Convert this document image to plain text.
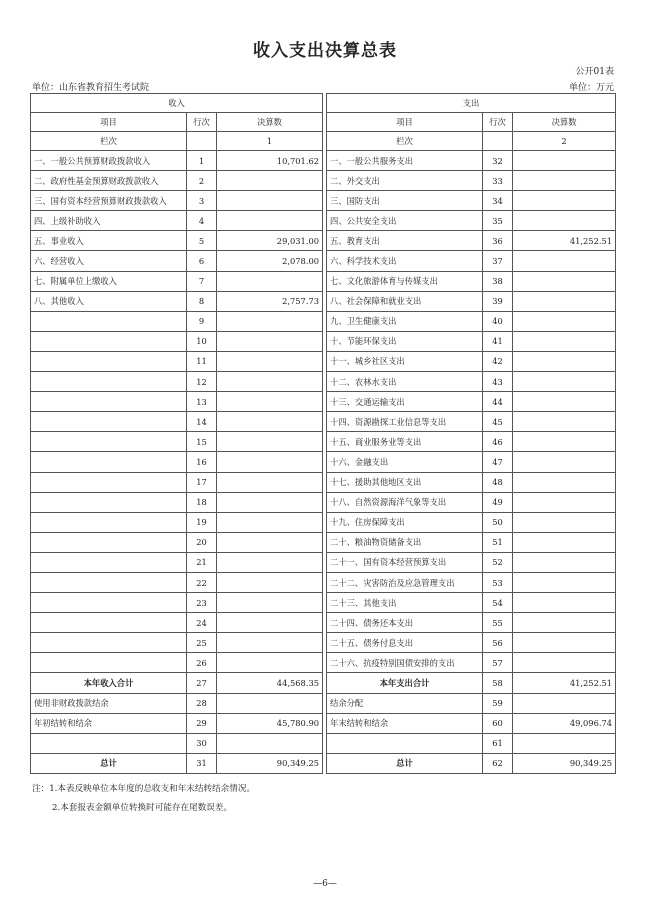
收入支出决算总表
公开01表
单位：山东省教育招生考试院	单位：万元
收入				支出		
项目	行次	决算数		项目	行次	决算数
栏次		1		栏次		2
一、一般公共预算财政拨款收入	1	10,701.62		一、一般公共服务支出	32	
二、政府性基金预算财政拨款收入	2			二、外交支出	33	
三、国有资本经营预算财政拨款收入	3			三、国防支出	34	
四、上级补助收入	4			四、公共安全支出	35	
五、事业收入	5	29,031.00		五、教育支出	36	41,252.51
六、经营收入	6	2,078.00		六、科学技术支出	37	
七、附属单位上缴收入	7			七、文化旅游体育与传媒支出	38	
八、其他收入	8	2,757.73		八、社会保障和就业支出	39	
	9			九、卫生健康支出	40	
	10			十、节能环保支出	41	
	11			十一、城乡社区支出	42	
	12			十二、农林水支出	43	
	13			十三、交通运输支出	44	
	14			十四、资源勘探工业信息等支出	45	
	15			十五、商业服务业等支出	46	
	16			十六、金融支出	47	
	17			十七、援助其他地区支出	48	
	18			十八、自然资源海洋气象等支出	49	
	19			十九、住房保障支出	50	
	20			二十、粮油物资储备支出	51	
	21			二十一、国有资本经营预算支出	52	
	22			二十二、灾害防治及应急管理支出	53	
	23			二十三、其他支出	54	
	24			二十四、债务还本支出	55	
	25			二十五、债务付息支出	56	
	26			二十六、抗疫特别国债安排的支出	57	
本年收入合计	27	44,568.35		本年支出合计	58	41,252.51
使用非财政拨款结余	28			结余分配	59	
年初结转和结余	29	45,780.90		年末结转和结余	60	49,096.74
	30				61	
总计	31	90,349.25		总计	62	90,349.25
注：1.本表反映单位本年度的总收支和年末结转结余情况。
2.本套报表金额单位转换时可能存在尾数误差。
—6—
